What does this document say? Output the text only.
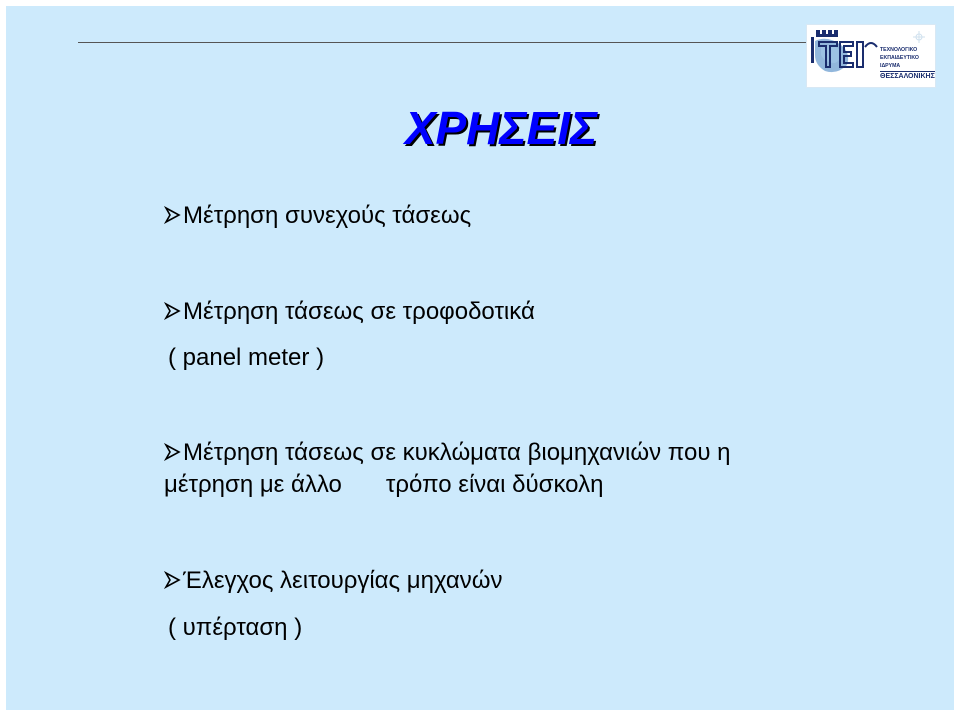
ΤΕΧΝΟΛΟΓΙΚΟ
ΕΚΠΑΙΔΕΥΤΙΚΟ
ΙΔΡΥΜΑ
ΘΕΣΣΑΛΟΝΙΚΗΣ
ΧΡΗΣΕΙΣ
Μέτρηση συνεχούς τάσεως
Μέτρηση τάσεως σε τροφοδοτικά
( panel meter )
Μέτρηση τάσεως σε κυκλώματα βιομηχανιών που η
μέτρηση με άλλο τρόπο είναι δύσκολη
Έλεγχος λειτουργίας μηχανών
( υπέρταση )
